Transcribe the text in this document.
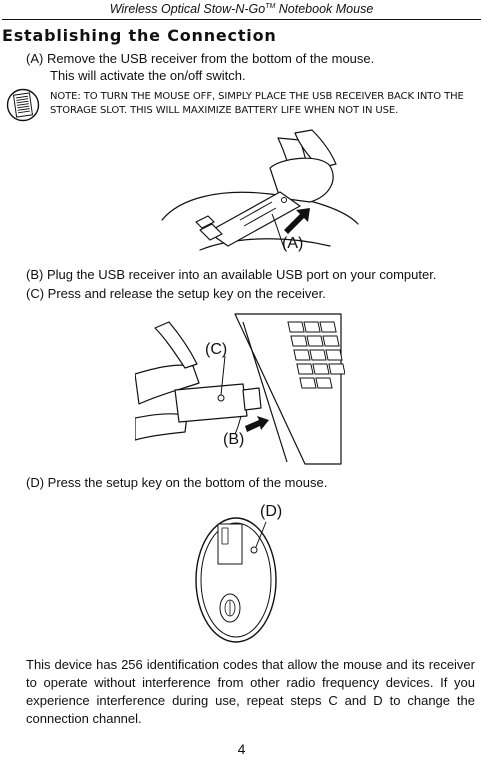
Wireless Optical Stow-N-Go™ Notebook Mouse
Establishing the Connection
(A) Remove the USB receiver from the bottom of the mouse.
This will activate the on/off switch.
NOTE: TO TURN THE MOUSE OFF, SIMPLY PLACE THE USB RECEIVER BACK INTO THE STORAGE SLOT. THIS WILL MAXIMIZE BATTERY LIFE WHEN NOT IN USE.
(A)
(B) Plug the USB receiver into an available USB port on your computer.
(C) Press and release the setup key on the receiver.
(C)
(B)
(D) Press the setup key on the bottom of the mouse.
(D)
This device has 256 identification codes that allow the mouse and its receiver to operate without interference from other radio frequency devices. If you experience interference during use, repeat steps C and D to change the connection channel.
4
